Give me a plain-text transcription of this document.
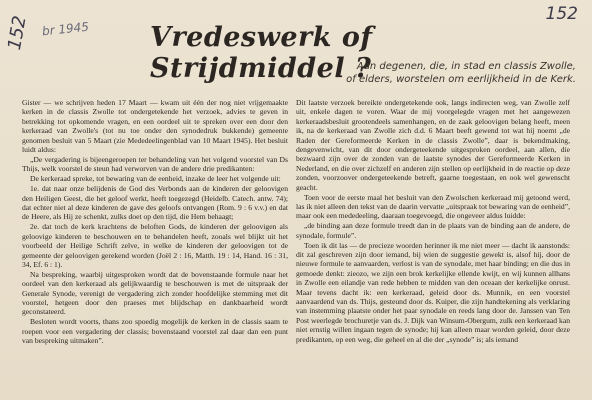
152 br 1945
152
Vredeswerk of Strijdmiddel ?
Aan degenen, die, in stad en classis Zwolle,
of elders, worstelen om eerlijkheid in de Kerk.

Gister — we schrijven heden 17 Maart — kwam uit één der nog niet vrijgemaakte kerken in de classis Zwolle tot ondergetekende het verzoek, advies te geven in betrekking tot opkomende vragen, en een oordeel uit te spreken over een door den kerkeraad van Zwolle's (tot nu toe onder den synodedruk bukkende) gemeente genomen besluit van 5 Maart (zie Mededeelingenblad van 10 Maart 1945). Het besluit luidt aldus:

„De vergadering is bijeengeroepen ter behandeling van het volgend voorstel van Ds Thijs, welk voorstel de steun had verworven van de andere drie predikanten:

De kerkeraad spreke, tot bewaring van de eenheid, inzake de leer het volgende uit:

1e. dat naar onze belijdenis de God des Verbonds aan de kinderen der geloovigen den Heiligen Geest, die het geloof werkt, heeft toegezegd (Heidelb. Catech. antw. 74); dat echter niet al deze kinderen de gave des geloofs ontvangen (Rom. 9 : 6 v.v.) en dat de Heere, als Hij ze schenkt, zulks doet op den tijd, die Hem behaagt;

2e. dat toch de kerk krachtens de beloften Gods, de kinderen der geloovigen als geloovige kinderen te beschouwen en te behandelen heeft, zooals wel blijkt uit het voorbeeld der Heilige Schrift zelve, in welke de kinderen der geloovigen tot de gemeente der geloovigen gerekend worden (Joël 2 : 16, Matth. 19 : 14, Hand. 16 : 31, 34, Ef. 6 : 1).

Na bespreking, waarbij uitgesproken wordt dat de bovenstaande formule naar het oordeel van den kerkeraad als gelijkwaardig te beschouwen is met de uitspraak der Generale Synode, verenigt de vergadering zich zonder hoofdelijke stemming met dit voorstel, hetgeen door den praeses met blijdschap en dankbaarheid wordt geconstateerd.

Besloten wordt voorts, thans zoo spoedig mogelijk de kerken in de classis saam te roepen voor een vergadering der classis; bovenstaand voorstel zal daar dan een punt van bespreking uitmaken”.

Dit laatste verzoek bereikte ondergetekende ook, langs indirecten weg, van Zwolle zelf uit, enkele dagen te voren. Waar de mij voorgelegde vragen met het aangewezen kerkeraadsbesluit grootendeels samenhangen, en de zaak geloovigen belang heeft, meen ik, na de kerkeraad van Zwolle zich d.d. 6 Maart beeft gewend tot wat hij noemt „de Raden der Gereformeerde Kerken in de classis Zwolle”, daar is bekendmaking, dengevenwicht, van dit door ondergeteekende uitgesproken oordeel, aan allen, die bezwaard zijn over de zonden van de laatste synodes der Gereformeerde Kerken in Nederland, en die over zichzelf en anderen zijn stellen op eerlijkheid in de reactie op deze zonden, voorzoover ondergeteekende betreft, gaarne toegestaan, en ook wel gewenscht geacht.

Toen voor de eerste maal het besluit van den Zwolschen kerkeraad mij getoond werd, las ik niet alleen den tekst van de daarin vervatte „uitspraak tot bewaring van de eenheid”, maar ook een mededeeling, daaraan toegevoegd, die ongeveer aldus luidde:

„de binding aan deze formule treedt dan in de plaats van de binding aan de andere, de synodale, formule”.

Toen ik dit las — de precieze woorden herinner ik me niet meer — dacht ik aanstonds: dit zal geschreven zijn door iemand, bij wien de suggestie gewekt is, alsof hij, door de nieuwe formule te aanvaarden, verlost is van de synodale, met haar binding; en die dus in gemoede denkt: zieozo, we zijn een brok kerkelijke ellende kwijt, en wij kunnen allhans in Zwolle een eilandje van rede hebben te midden van den oceaan der kerkelijke onrust. Maar tevens dacht ik: een kerkeraad, geleid door ds. Munnik, en een voorstel aanvaardend van ds. Thijs, gesteund door ds. Kuiper, die zijn handtekening als verklaring van instemming plaatste onder het paar synodale en reeds lang door de. Janssen van Ten Post weerlegde brochuretje van ds. J. Dijk van Winsum-Obergum, zulk een kerkeraad kan niet ernstig willen ingaan tegen de synode; hij kan alleen maar worden geleid, door deze predikanten, op een weg, die geheel en al die der „synode” is; als iemand
